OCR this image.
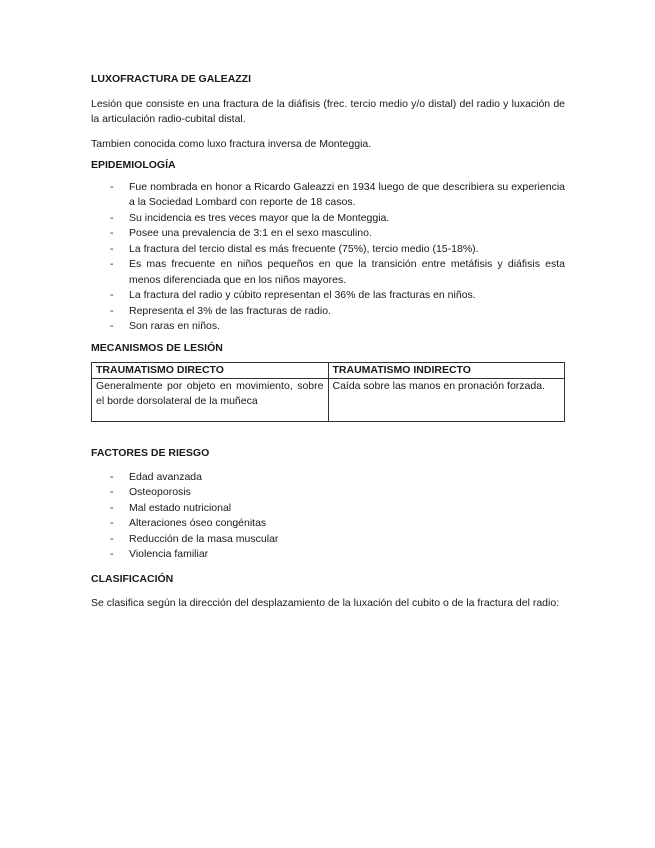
LUXOFRACTURA DE GALEAZZI

Lesión que consiste en una fractura de la diáfisis (frec. tercio medio y/o distal) del radio y luxación de la articulación radio-cubital distal.

Tambien conocida como luxo fractura inversa de Monteggia.

EPIDEMIOLOGÍA

- Fue nombrada en honor a Ricardo Galeazzi en 1934 luego de que describiera su experiencia a la Sociedad Lombard con reporte de 18 casos.
- Su incidencia es tres veces mayor que la de Monteggia.
- Posee una prevalencia de 3:1 en el sexo masculino.
- La fractura del tercio distal es más frecuente (75%), tercio medio (15-18%).
- Es mas frecuente en niños pequeños en que la transición entre metáfisis y diáfisis esta menos diferenciada que en los niños mayores.
- La fractura del radio y cúbito representan el 36% de las fracturas en niños.
- Representa el 3% de las fracturas de radio.
- Son raras en niños.

MECANISMOS DE LESIÓN

TRAUMATISMO DIRECTO	TRAUMATISMO INDIRECTO
Generalmente por objeto en movimiento, sobre el borde dorsolateral de la muñeca	Caída sobre las manos en pronación forzada.

FACTORES DE RIESGO

- Edad avanzada
- Osteoporosis
- Mal estado nutricional
- Alteraciones óseo congénitas
- Reducción de la masa muscular
- Violencia familiar

CLASIFICACIÓN

Se clasifica según la dirección del desplazamiento de la luxación del cubito o de la fractura del radio:
